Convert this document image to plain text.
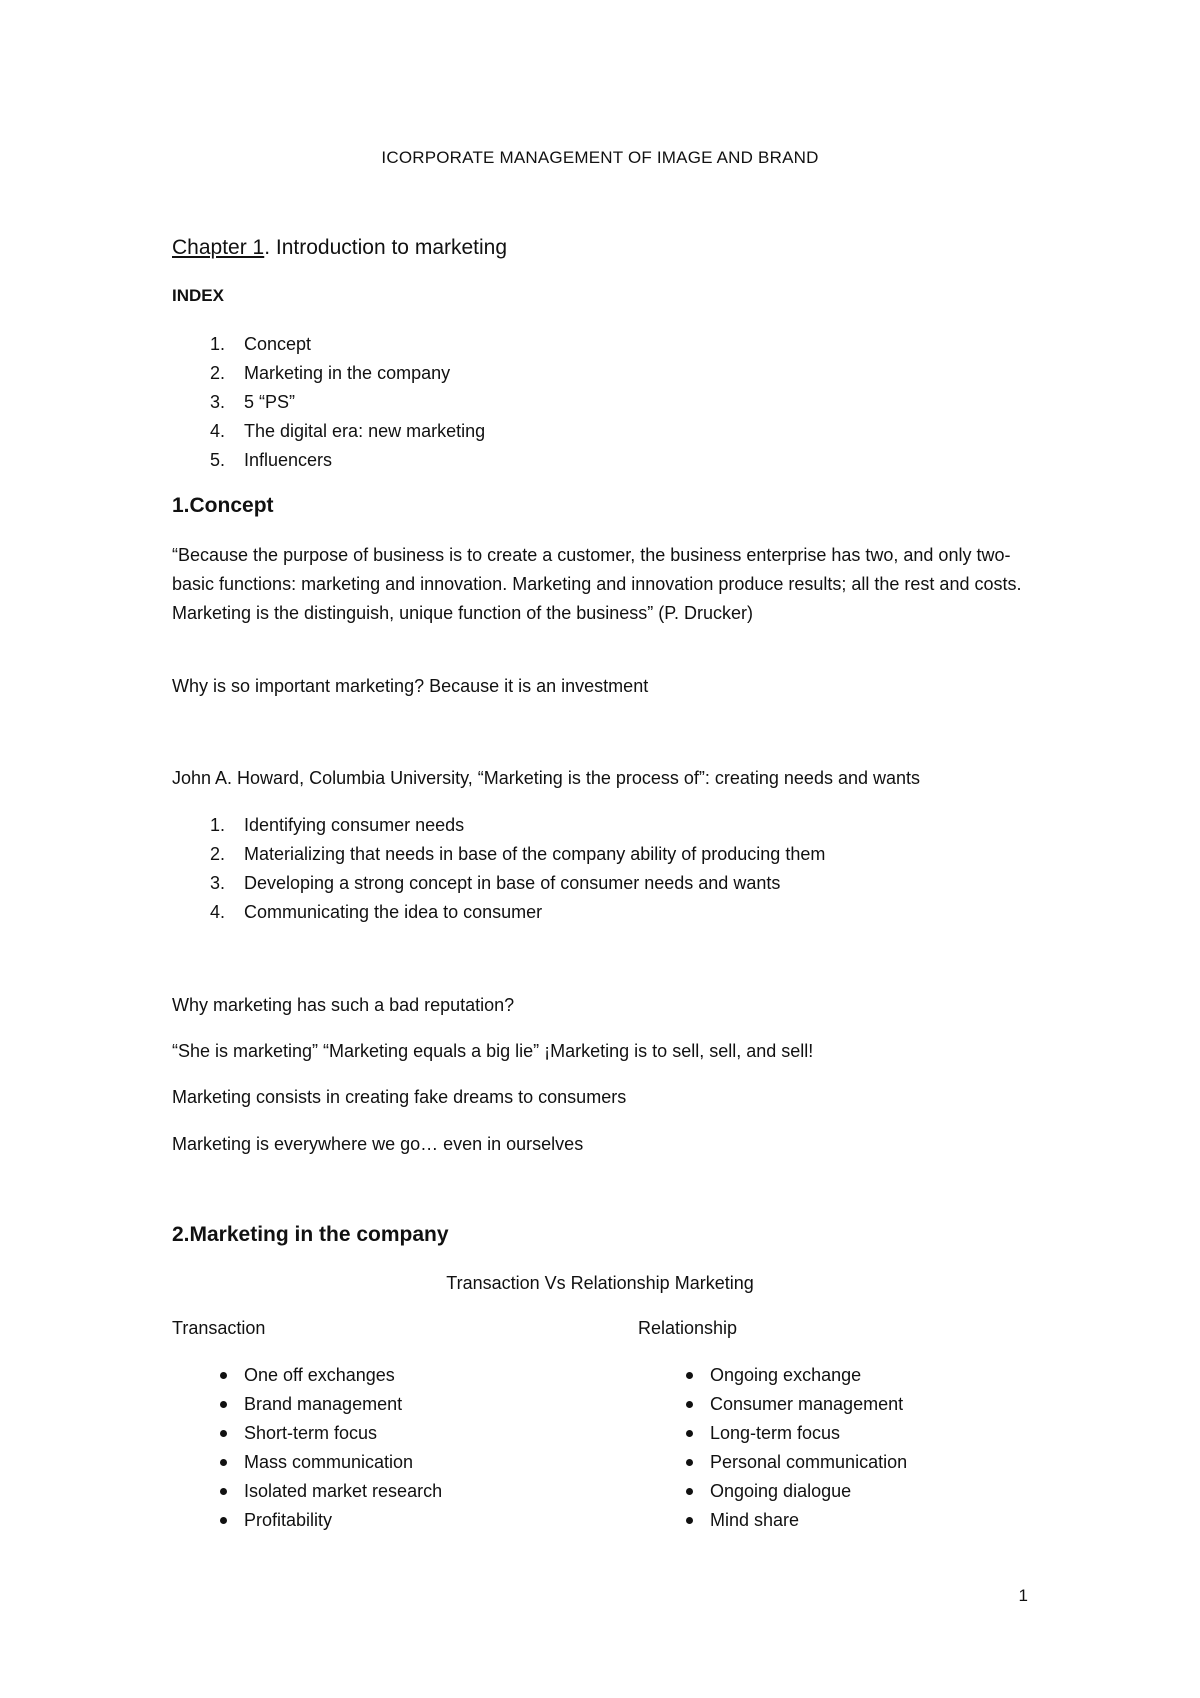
ICORPORATE MANAGEMENT OF IMAGE AND BRAND
Chapter 1. Introduction to marketing
INDEX
1.	Concept
2.	Marketing in the company
3.	5 “PS”
4.	The digital era: new marketing
5.	Influencers
1.Concept
“Because the purpose of business is to create a customer, the business enterprise has two, and only two- basic functions: marketing and innovation. Marketing and innovation produce results; all the rest and costs. Marketing is the distinguish, unique function of the business” (P. Drucker)
Why is so important marketing? Because it is an investment
John A. Howard, Columbia University, “Marketing is the process of”: creating needs and wants
1.	Identifying consumer needs
2.	Materializing that needs in base of the company ability of producing them
3.	Developing a strong concept in base of consumer needs and wants
4.	Communicating the idea to consumer
Why marketing has such a bad reputation?
“She is marketing” “Marketing equals a big lie” ¡Marketing is to sell, sell, and sell!
Marketing consists in creating fake dreams to consumers
Marketing is everywhere we go… even in ourselves
2.Marketing in the company
Transaction Vs Relationship Marketing
Transaction	Relationship
One off exchanges
Brand management
Short-term focus
Mass communication
Isolated market research
Profitability
Ongoing exchange
Consumer management
Long-term focus
Personal communication
Ongoing dialogue
Mind share
1
